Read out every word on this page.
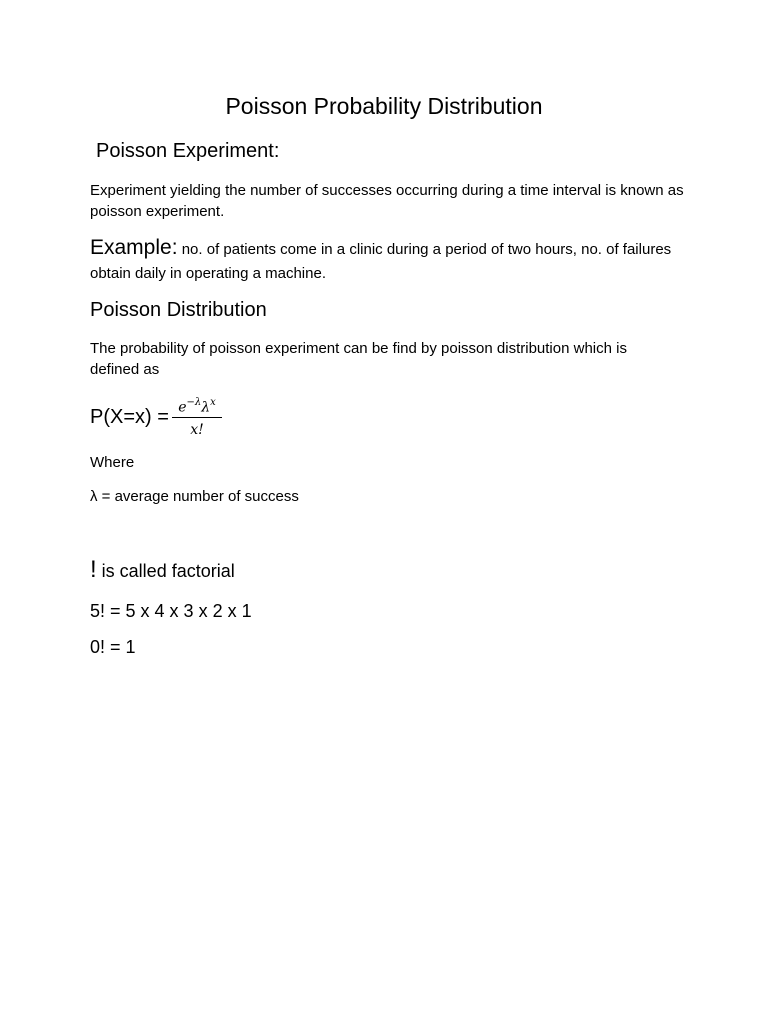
Poisson Probability Distribution
Poisson Experiment:

Experiment yielding the number of successes occurring during a time interval is known as poisson experiment.

Example: no. of patients come in a clinic during a period of two hours, no. of failures obtain daily in operating a machine.

Poisson Distribution

The probability of poisson experiment can be find by poisson distribution which is defined as

$P(X=x) = e^{-\lambda}\lambda^x$
x!

Where

λ = average number of success

! is called factorial

5! = 5 x 4 x 3 x 2 x 1

0! = 1
